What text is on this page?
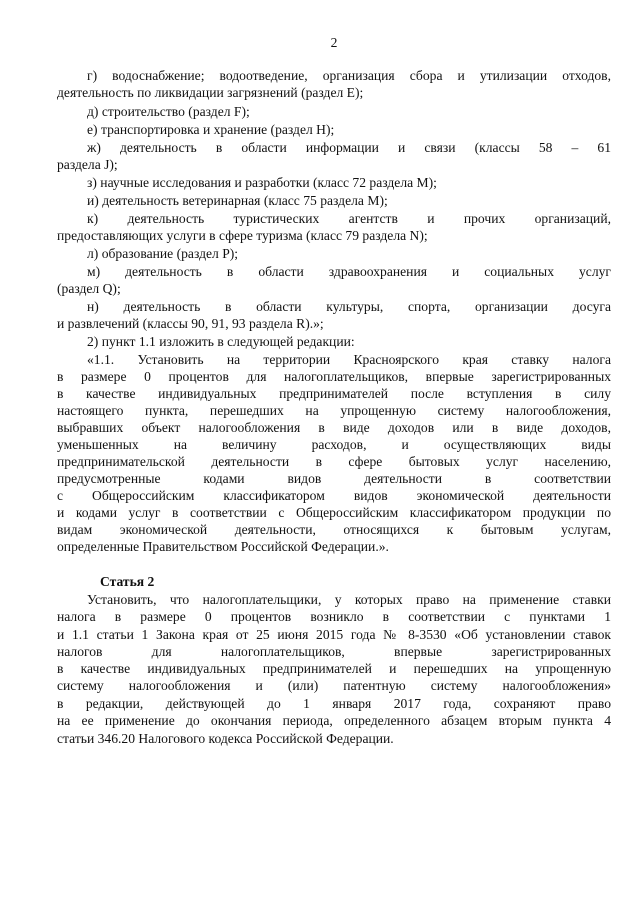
2
г) водоснабжение; водоотведение, организация сбора и утилизации отходов,
деятельность по ликвидации загрязнений (раздел E);
д) строительство (раздел F);
е) транспортировка и хранение (раздел H);
ж) деятельность в области информации и связи (классы 58 – 61
раздела J);
з) научные исследования и разработки (класс 72 раздела M);
и) деятельность ветеринарная (класс 75 раздела M);
к) деятельность туристических агентств и прочих организаций,
предоставляющих услуги в сфере туризма (класс 79 раздела N);
л) образование (раздел P);
м) деятельность в области здравоохранения и социальных услуг
(раздел Q);
н) деятельность в области культуры, спорта, организации досуга
и развлечений (классы 90, 91, 93 раздела R).»;
2) пункт 1.1 изложить в следующей редакции:
«1.1. Установить на территории Красноярского края ставку налога
в размере 0 процентов для налогоплательщиков, впервые зарегистрированных
в качестве индивидуальных предпринимателей после вступления в силу
настоящего пункта, перешедших на упрощенную систему налогообложения,
выбравших объект налогообложения в виде доходов или в виде доходов,
уменьшенных на величину расходов, и осуществляющих виды
предпринимательской деятельности в сфере бытовых услуг населению,
предусмотренные кодами видов деятельности в соответствии
с Общероссийским классификатором видов экономической деятельности
и кодами услуг в соответствии с Общероссийским классификатором продукции по
видам экономической деятельности, относящихся к бытовым услугам,
определенные Правительством Российской Федерации.».
Статья 2
Установить, что налогоплательщики, у которых право на применение ставки
налога в размере 0 процентов возникло в соответствии с пунктами 1
и 1.1 статьи 1 Закона края от 25 июня 2015 года № 8-3530 «Об установлении ставок
налогов для налогоплательщиков, впервые зарегистрированных
в качестве индивидуальных предпринимателей и перешедших на упрощенную
систему налогообложения и (или) патентную систему налогообложения»
в редакции, действующей до 1 января 2017 года, сохраняют право
на ее применение до окончания периода, определенного абзацем вторым пункта 4
статьи 346.20 Налогового кодекса Российской Федерации.
